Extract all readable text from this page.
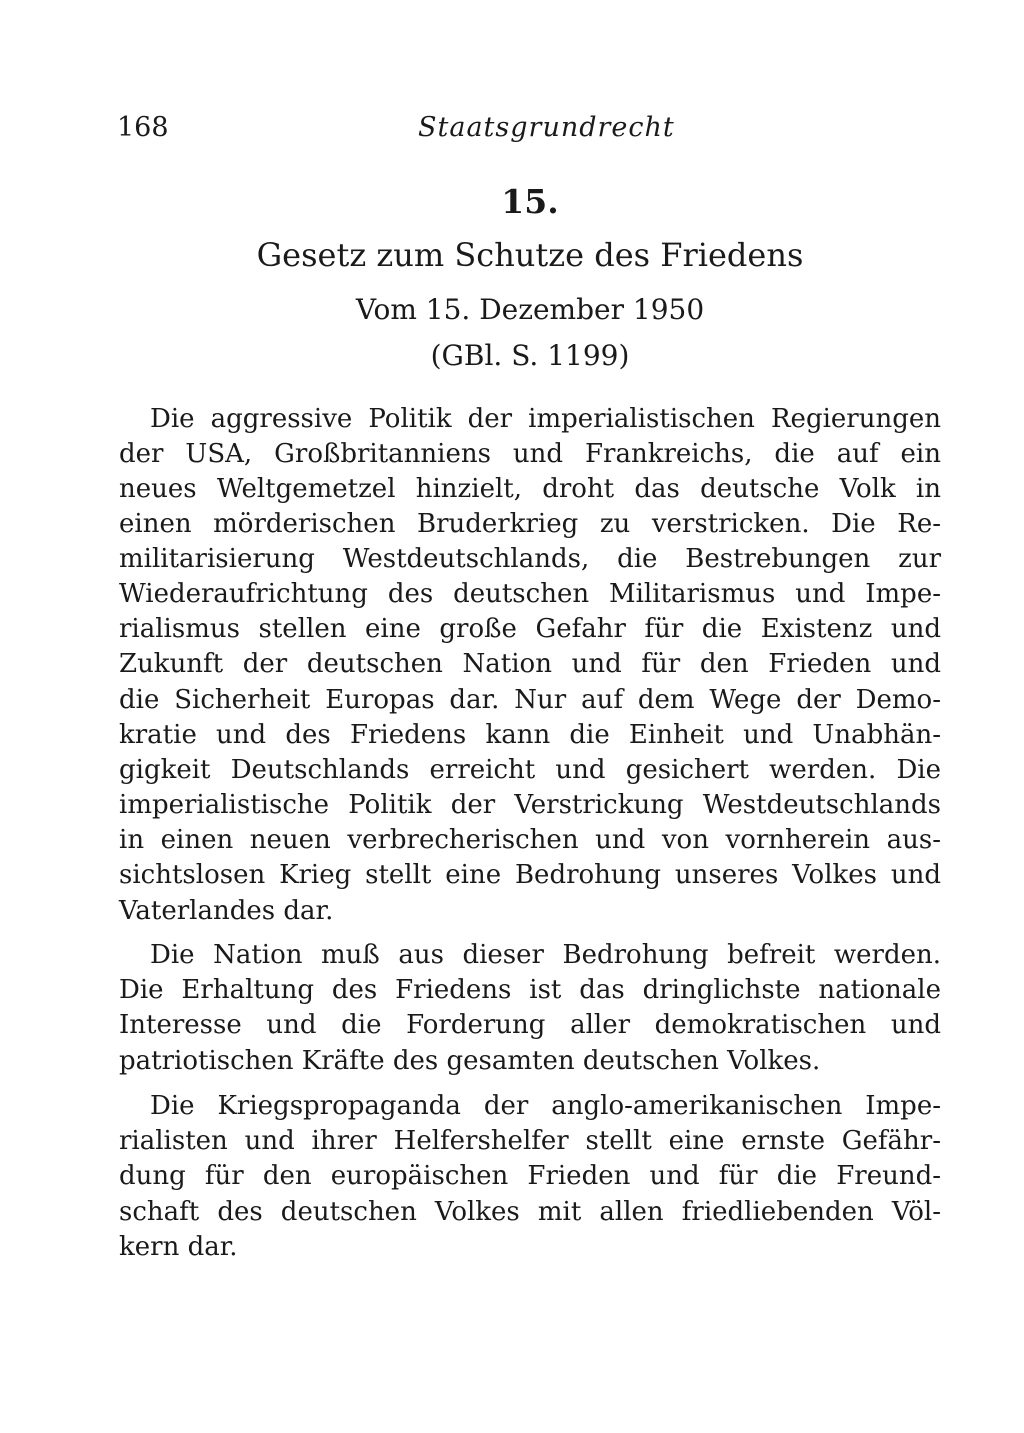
168	Staatsgrundrecht
15.
Gesetz zum Schutze des Friedens
Vom 15. Dezember 1950
(GBl. S. 1199)
Die aggressive Politik der imperialistischen Regierungen
der USA, Großbritanniens und Frankreichs, die auf ein
neues Weltgemetzel hinzielt, droht das deutsche Volk in
einen mörderischen Bruderkrieg zu verstricken. Die Re-
militarisierung Westdeutschlands, die Bestrebungen zur
Wiederaufrichtung des deutschen Militarismus und Impe-
rialismus stellen eine große Gefahr für die Existenz und
Zukunft der deutschen Nation und für den Frieden und
die Sicherheit Europas dar. Nur auf dem Wege der Demo-
kratie und des Friedens kann die Einheit und Unabhän-
gigkeit Deutschlands erreicht und gesichert werden. Die
imperialistische Politik der Verstrickung Westdeutschlands
in einen neuen verbrecherischen und von vornherein aus-
sichtslosen Krieg stellt eine Bedrohung unseres Volkes und
Vaterlandes dar.
Die Nation muß aus dieser Bedrohung befreit werden.
Die Erhaltung des Friedens ist das dringlichste nationale
Interesse und die Forderung aller demokratischen und
patriotischen Kräfte des gesamten deutschen Volkes.
Die Kriegspropaganda der anglo-amerikanischen Impe-
rialisten und ihrer Helfershelfer stellt eine ernste Gefähr-
dung für den europäischen Frieden und für die Freund-
schaft des deutschen Volkes mit allen friedliebenden Völ-
kern dar.
